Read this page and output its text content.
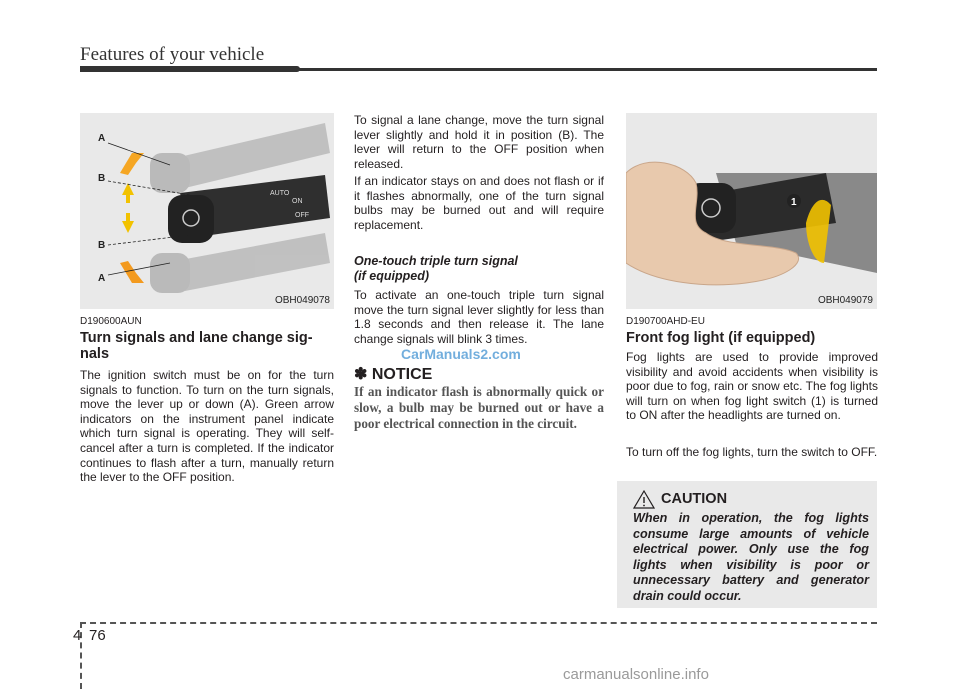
Features of your vehicle
AUTO
ON
OFF
A
B
B
A
OBH049078
1
OBH049079
D190600AUN
Turn signals and lane change sig-
nals
The ignition switch must be on for the turn signals to function. To turn on the turn signals, move the lever up or down (A). Green arrow indicators on the instrument panel indicate which turn signal is operating. They will self-cancel after a turn is completed. If the indicator continues to flash after a turn, manually return the lever to the OFF position.
To signal a lane change, move the turn signal lever slightly and hold it in position (B). The lever will return to the OFF position when released.
If an indicator stays on and does not flash or if it flashes abnormally, one of the turn signal bulbs may be burned out and will require replacement.
One-touch triple turn signal
(if equipped)
To activate an one-touch triple turn signal move the turn signal lever slightly for less than 1.8 seconds and then release it. The lane change signals will blink 3 times.
✽ NOTICE
If an indicator flash is abnormally quick or slow, a bulb may be burned out or have a poor electrical connection in the circuit.
CarManuals2.com
D190700AHD-EU
Front fog light (if equipped)
Fog lights are used to provide improved visibility and avoid accidents when visibility is poor due to fog, rain or snow etc. The fog lights will turn on when fog light switch (1) is turned to ON after the headlights are turned on.
To turn off the fog lights, turn the switch to OFF.
CAUTION
When in operation, the fog lights consume large amounts of vehicle electrical power. Only use the fog lights when visibility is poor or unnecessary battery and generator drain could occur.
4 76
carmanualsonline.info
